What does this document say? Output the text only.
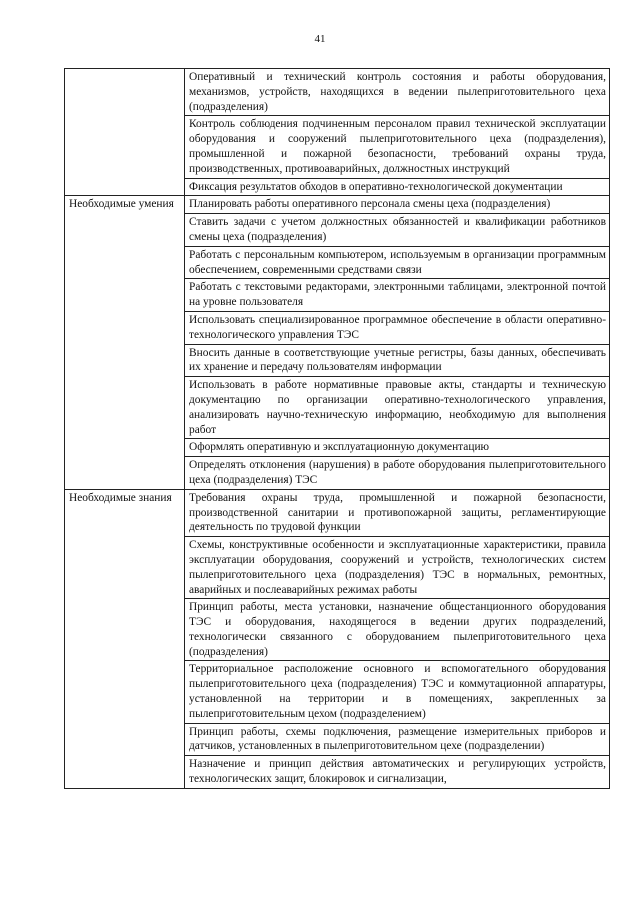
41
	Оперативный и технический контроль состояния и работы оборудования, механизмов, устройств, находящихся в ведении пылеприготовительного цеха (подразделения)
	Контроль соблюдения подчиненным персоналом правил технической эксплуатации оборудования и сооружений пылеприготовительного цеха (подразделения), промышленной и пожарной безопасности, требований охраны труда, производственных, противоаварийных, должностных инструкций
	Фиксация результатов обходов в оперативно-технологической документации
Необходимые умения	Планировать работы оперативного персонала смены цеха (подразделения)
	Ставить задачи с учетом должностных обязанностей и квалификации работников смены цеха (подразделения)
	Работать с персональным компьютером, используемым в организации программным обеспечением, современными средствами связи
	Работать с текстовыми редакторами, электронными таблицами, электронной почтой на уровне пользователя
	Использовать специализированное программное обеспечение в области оперативно-технологического управления ТЭС
	Вносить данные в соответствующие учетные регистры, базы данных, обеспечивать их хранение и передачу пользователям информации
	Использовать в работе нормативные правовые акты, стандарты и техническую документацию по организации оперативно-технологического управления, анализировать научно-техническую информацию, необходимую для выполнения работ
	Оформлять оперативную и эксплуатационную документацию
	Определять отклонения (нарушения) в работе оборудования пылеприготовительного цеха (подразделения) ТЭС
Необходимые знания	Требования охраны труда, промышленной и пожарной безопасности, производственной санитарии и противопожарной защиты, регламентирующие деятельность по трудовой функции
	Схемы, конструктивные особенности и эксплуатационные характеристики, правила эксплуатации оборудования, сооружений и устройств, технологических систем пылеприготовительного цеха (подразделения) ТЭС в нормальных, ремонтных, аварийных и послеаварийных режимах работы
	Принцип работы, места установки, назначение общестанционного оборудования ТЭС и оборудования, находящегося в ведении других подразделений, технологически связанного с оборудованием пылеприготовительного цеха (подразделения)
	Территориальное расположение основного и вспомогательного оборудования пылеприготовительного цеха (подразделения) ТЭС и коммутационной аппаратуры, установленной на территории и в помещениях, закрепленных за пылеприготовительным цехом (подразделением)
	Принцип работы, схемы подключения, размещение измерительных приборов и датчиков, установленных в пылеприготовительном цехе (подразделении)
	Назначение и принцип действия автоматических и регулирующих устройств, технологических защит, блокировок и сигнализации,
